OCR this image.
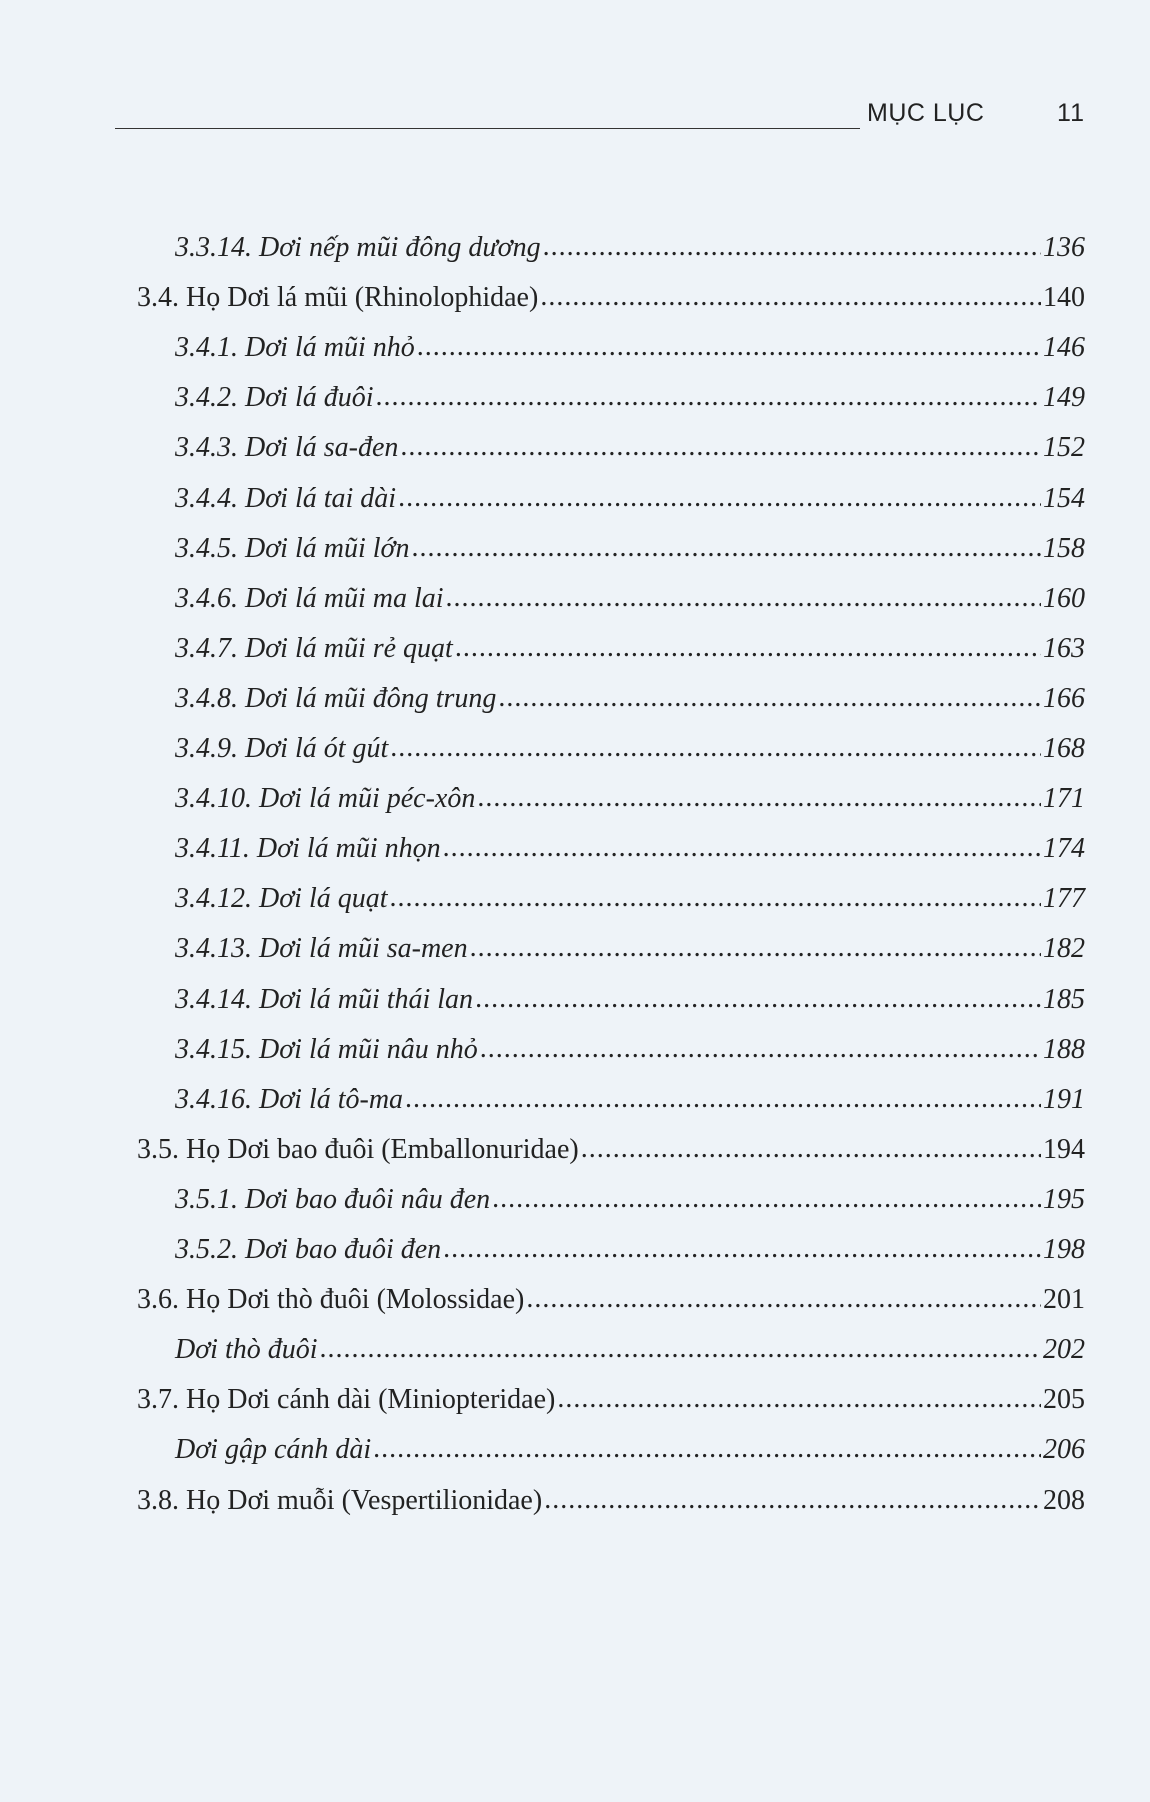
MỤC LỤC	11
3.3.14. Dơi nếp mũi đông dương .....	136
3.4. Họ Dơi lá mũi (Rhinolophidae) .....	140
3.4.1. Dơi lá mũi nhỏ .....	146
3.4.2. Dơi lá đuôi .....	149
3.4.3. Dơi lá sa-đen .....	152
3.4.4. Dơi lá tai dài .....	154
3.4.5. Dơi lá mũi lớn .....	158
3.4.6. Dơi lá mũi ma lai .....	160
3.4.7. Dơi lá mũi rẻ quạt .....	163
3.4.8. Dơi lá mũi đông trung .....	166
3.4.9. Dơi lá ót gút .....	168
3.4.10. Dơi lá mũi péc-xôn .....	171
3.4.11. Dơi lá mũi nhọn .....	174
3.4.12. Dơi lá quạt .....	177
3.4.13. Dơi lá mũi sa-men .....	182
3.4.14. Dơi lá mũi thái lan .....	185
3.4.15. Dơi lá mũi nâu nhỏ .....	188
3.4.16. Dơi lá tô-ma .....	191
3.5. Họ Dơi bao đuôi (Emballonuridae) .....	194
3.5.1. Dơi bao đuôi nâu đen .....	195
3.5.2. Dơi bao đuôi đen .....	198
3.6. Họ Dơi thò đuôi (Molossidae) .....	201
Dơi thò đuôi .....	202
3.7. Họ Dơi cánh dài (Miniopteridae) .....	205
Dơi gập cánh dài .....	206
3.8. Họ Dơi muỗi (Vespertilionidae) .....	208
